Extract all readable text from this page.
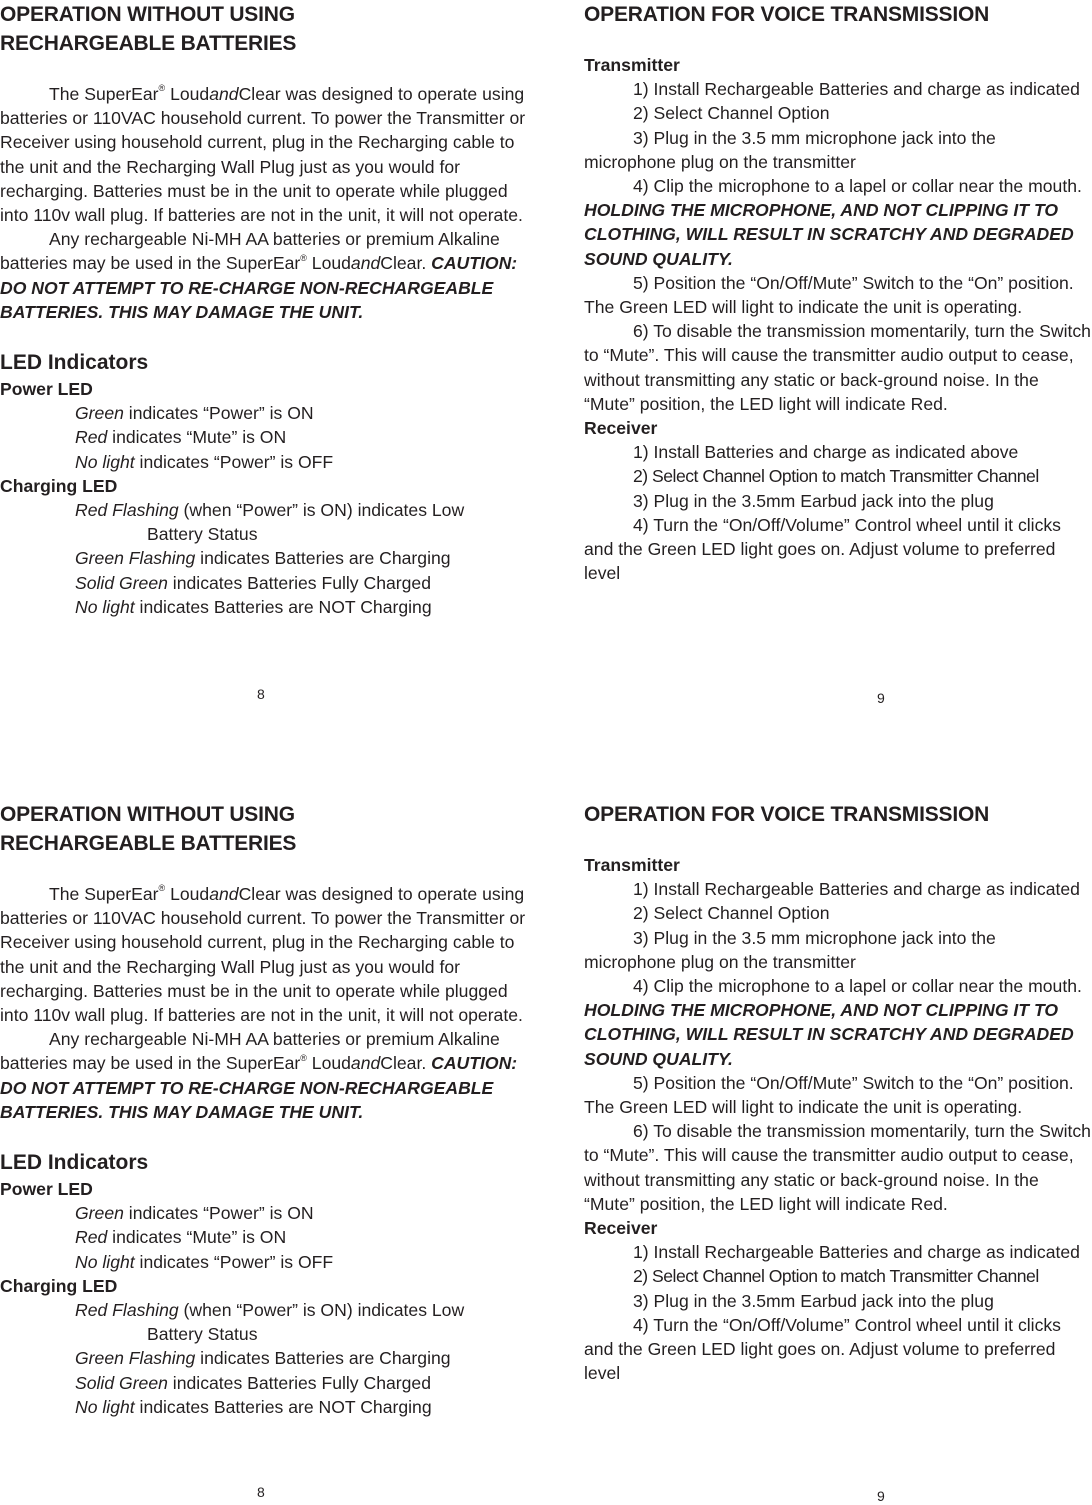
OPERATION WITHOUT USING

RECHARGEABLE BATTERIES

The SuperEar® LoudandClear was designed to operate using batteries or 110VAC household current. To power the Transmitter or Receiver using household current, plug in the Recharging cable to the unit and the Recharging Wall Plug just as you would for recharging. Batteries must be in the unit to operate while plugged into 110v wall plug. If batteries are not in the unit, it will not operate.

Any rechargeable Ni-MH AA batteries or premium Alkaline batteries may be used in the SuperEar® LoudandClear. CAUTION: DO NOT ATTEMPT TO RE-CHARGE NON-RECHARGEABLE BATTERIES. THIS MAY DAMAGE THE UNIT.

LED Indicators

Power LED

Green indicates “Power” is ON

Red indicates “Mute” is ON

No light indicates “Power” is OFF

Charging LED

Red Flashing (when “Power” is ON) indicates Low
Battery Status

Green Flashing indicates Batteries are Charging

Solid Green indicates Batteries Fully Charged

No light indicates Batteries are NOT Charging

8

OPERATION FOR VOICE TRANSMISSION

Transmitter

1) Install Rechargeable Batteries and charge as indicated

2) Select Channel Option

3) Plug in the 3.5 mm microphone jack into the microphone plug on the transmitter

4) Clip the microphone to a lapel or collar near the mouth. HOLDING THE MICROPHONE, AND NOT CLIPPING IT TO CLOTHING, WILL RESULT IN SCRATCHY AND DEGRADED SOUND QUALITY.

5) Position the “On/Off/Mute” Switch to the “On” position. The Green LED will light to indicate the unit is operating.

6) To disable the transmission momentarily, turn the Switch to “Mute”. This will cause the transmitter audio output to cease, without transmitting any static or back-ground noise. In the “Mute” position, the LED light will indicate Red.

Receiver

1) Install Batteries and charge as indicated above

2) Select Channel Option to match Transmitter Channel

3) Plug in the 3.5mm Earbud jack into the plug

4) Turn the “On/Off/Volume” Control wheel until it clicks and the Green LED light goes on. Adjust volume to preferred level

9

OPERATION WITHOUT USING

RECHARGEABLE BATTERIES

The SuperEar® LoudandClear was designed to operate using batteries or 110VAC household current. To power the Transmitter or Receiver using household current, plug in the Recharging cable to the unit and the Recharging Wall Plug just as you would for recharging. Batteries must be in the unit to operate while plugged into 110v wall plug. If batteries are not in the unit, it will not operate.

Any rechargeable Ni-MH AA batteries or premium Alkaline batteries may be used in the SuperEar® LoudandClear. CAUTION: DO NOT ATTEMPT TO RE-CHARGE NON-RECHARGEABLE BATTERIES. THIS MAY DAMAGE THE UNIT.

LED Indicators

Power LED

Green indicates “Power” is ON

Red indicates “Mute” is ON

No light indicates “Power” is OFF

Charging LED

Red Flashing (when “Power” is ON) indicates Low
Battery Status

Green Flashing indicates Batteries are Charging

Solid Green indicates Batteries Fully Charged

No light indicates Batteries are NOT Charging

8

OPERATION FOR VOICE TRANSMISSION

Transmitter

1) Install Rechargeable Batteries and charge as indicated

2) Select Channel Option

3) Plug in the 3.5 mm microphone jack into the microphone plug on the transmitter

4) Clip the microphone to a lapel or collar near the mouth. HOLDING THE MICROPHONE, AND NOT CLIPPING IT TO CLOTHING, WILL RESULT IN SCRATCHY AND DEGRADED SOUND QUALITY.

5) Position the “On/Off/Mute” Switch to the “On” position. The Green LED will light to indicate the unit is operating.

6) To disable the transmission momentarily, turn the Switch to “Mute”. This will cause the transmitter audio output to cease, without transmitting any static or back-ground noise. In the “Mute” position, the LED light will indicate Red.

Receiver

1) Install Rechargeable Batteries and charge as indicated

2) Select Channel Option to match Transmitter Channel

3) Plug in the 3.5mm Earbud jack into the plug

4) Turn the “On/Off/Volume” Control wheel until it clicks and the Green LED light goes on. Adjust volume to preferred level

9
